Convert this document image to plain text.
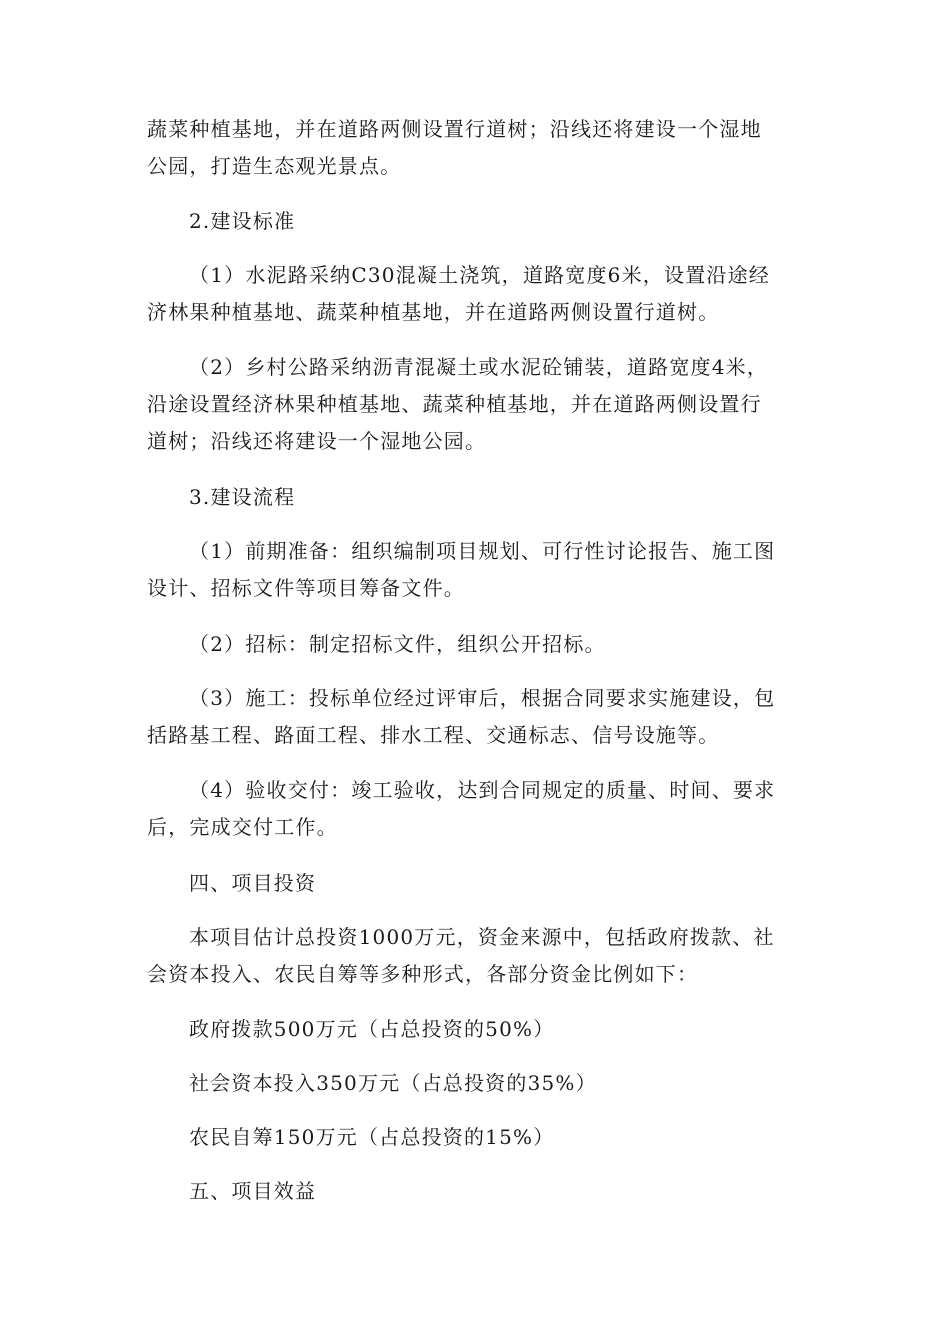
蔬菜种植基地，并在道路两侧设置行道树；沿线还将建设一个湿地
公园，打造生态观光景点。

2.建设标准

（1）水泥路采纳C30混凝土浇筑，道路宽度6米，设置沿途经
济林果种植基地、蔬菜种植基地，并在道路两侧设置行道树。

（2）乡村公路采纳沥青混凝土或水泥砼铺装，道路宽度4米，
沿途设置经济林果种植基地、蔬菜种植基地，并在道路两侧设置行
道树；沿线还将建设一个湿地公园。

3.建设流程

（1）前期准备：组织编制项目规划、可行性讨论报告、施工图
设计、招标文件等项目筹备文件。

（2）招标：制定招标文件，组织公开招标。

（3）施工：投标单位经过评审后，根据合同要求实施建设，包
括路基工程、路面工程、排水工程、交通标志、信号设施等。

（4）验收交付：竣工验收，达到合同规定的质量、时间、要求
后，完成交付工作。

四、项目投资

本项目估计总投资1000万元，资金来源中，包括政府拨款、社
会资本投入、农民自筹等多种形式，各部分资金比例如下：

政府拨款500万元（占总投资的50%）

社会资本投入350万元（占总投资的35%）

农民自筹150万元（占总投资的15%）

五、项目效益
